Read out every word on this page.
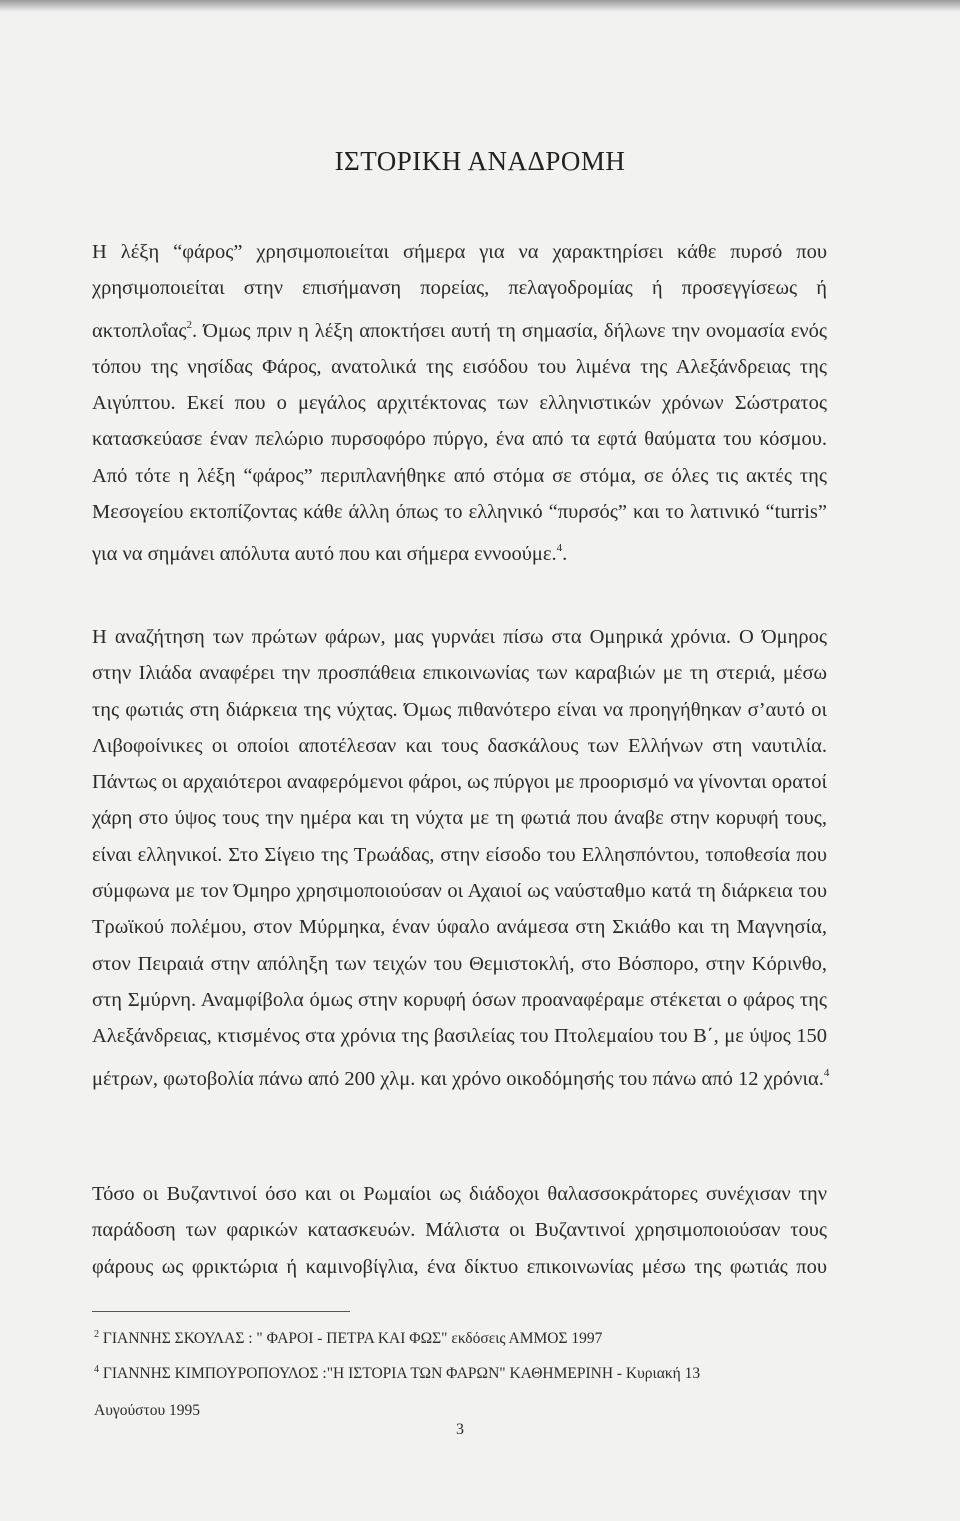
ΙΣΤΟΡΙΚΗ ΑΝΑΔΡΟΜΗ
Η λέξη “φάρος” χρησιμοποιείται σήμερα για να χαρακτηρίσει κάθε πυρσό που
χρησιμοποιείται στην επισήμανση πορείας, πελαγοδρομίας ή προσεγγίσεως ή
ακτοπλοΐας$^2$. Όμως πριν η λέξη αποκτήσει αυτή τη σημασία, δήλωνε την ονομασία ενός
τόπου της νησίδας Φάρος, ανατολικά της εισόδου του λιμένα της Αλεξάνδρειας της
Αιγύπτου. Εκεί που ο μεγάλος αρχιτέκτονας των ελληνιστικών χρόνων Σώστρατος
κατασκεύασε έναν πελώριο πυρσοφόρο πύργο, ένα από τα εφτά θαύματα του κόσμου.
Από τότε η λέξη “φάρος” περιπλανήθηκε από στόμα σε στόμα, σε όλες τις ακτές της
Μεσογείου εκτοπίζοντας κάθε άλλη όπως το ελληνικό “πυρσός” και το λατινικό “turris”
για να σημάνει απόλυτα αυτό που και σήμερα εννοούμε.$^4$.
Η αναζήτηση των πρώτων φάρων, μας γυρνάει πίσω στα Ομηρικά χρόνια. Ο Όμηρος
στην Ιλιάδα αναφέρει την προσπάθεια επικοινωνίας των καραβιών με τη στεριά, μέσω
της φωτιάς στη διάρκεια της νύχτας. Όμως πιθανότερο είναι να προηγήθηκαν σ’αυτό οι
Λιβοφοίνικες οι οποίοι αποτέλεσαν και τους δασκάλους των Ελλήνων στη ναυτιλία.
Πάντως οι αρχαιότεροι αναφερόμενοι φάροι, ως πύργοι με προορισμό να γίνονται ορατοί
χάρη στο ύψος τους την ημέρα και τη νύχτα με τη φωτιά που άναβε στην κορυφή τους,
είναι ελληνικοί. Στο Σίγειο της Τρωάδας, στην είσοδο του Ελλησπόντου, τοποθεσία που
σύμφωνα με τον Όμηρο χρησιμοποιούσαν οι Αχαιοί ως ναύσταθμο κατά τη διάρκεια του
Τρωϊκού πολέμου, στον Μύρμηκα, έναν ύφαλο ανάμεσα στη Σκιάθο και τη Μαγνησία,
στον Πειραιά στην απόληξη των τειχών του Θεμιστοκλή, στο Βόσπορο, στην Κόρινθο,
στη Σμύρνη. Αναμφίβολα όμως στην κορυφή όσων προαναφέραμε στέκεται ο φάρος της
Αλεξάνδρειας, κτισμένος στα χρόνια της βασιλείας του Πτολεμαίου του Β΄, με ύψος 150
μέτρων, φωτοβολία πάνω από 200 χλμ. και χρόνο οικοδόμησής του πάνω από 12 χρόνια.$^4$
Τόσο οι Βυζαντινοί όσο και οι Ρωμαίοι ως διάδοχοι θαλασσοκράτορες συνέχισαν την
παράδοση των φαρικών κατασκευών. Μάλιστα οι Βυζαντινοί χρησιμοποιούσαν τους
φάρους ως φρικτώρια ή καμινοβίγλια, ένα δίκτυο επικοινωνίας μέσω της φωτιάς που
$^2$ ΓΙΑΝΝΗΣ ΣΚΟΥΛΑΣ : " ΦΑΡΟΙ - ΠΕΤΡΑ ΚΑΙ ΦΩΣ" εκδόσεις ΑΜΜΟΣ 1997
$^4$ ΓΙΑΝΝΗΣ ΚΙΜΠΟΥΡΟΠΟΥΛΟΣ :"Η ΙΣΤΟΡΙΑ ΤΩΝ ΦΑΡΩΝ" ΚΑΘΗΜΕΡΙΝΗ - Κυριακή 13
Αυγούστου 1995
3
